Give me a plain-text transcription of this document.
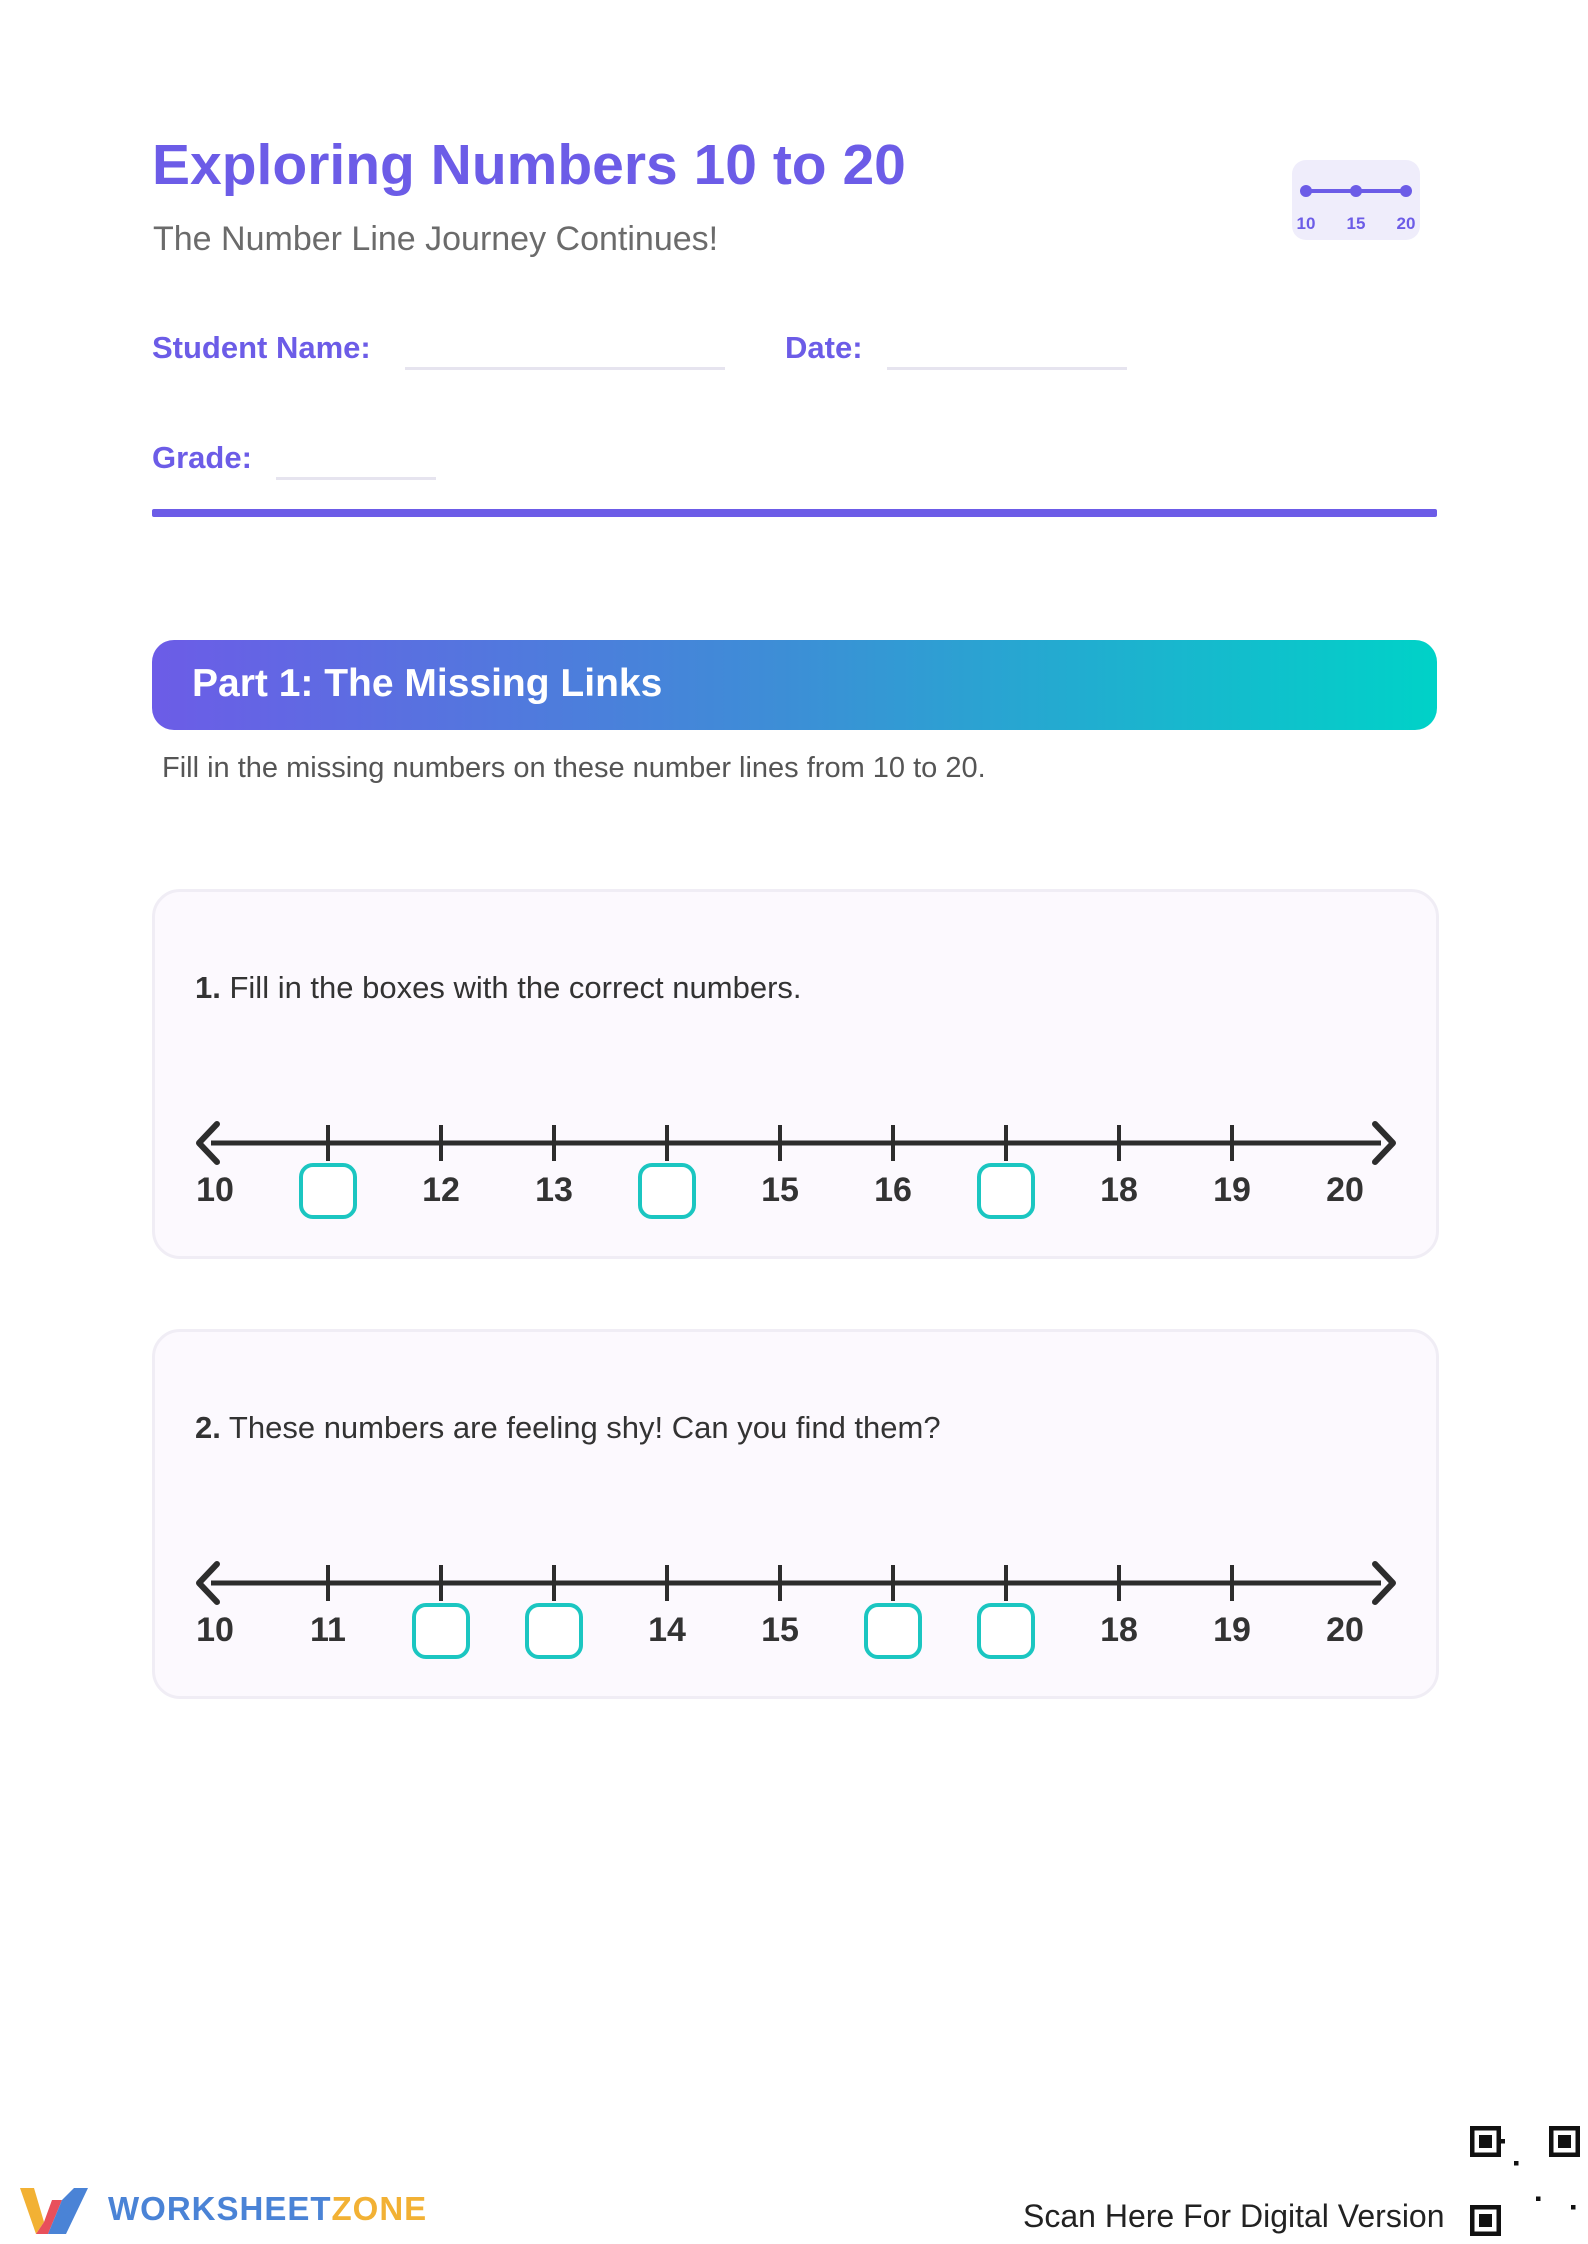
Exploring Numbers 10 to 20
The Number Line Journey Continues!	10	15	20
Student Name:	Date:
Grade:
Part 1: The Missing Links
Fill in the missing numbers on these number lines from 10 to 20.
1. Fill in the boxes with the correct numbers.
10	12	13	15	16	18	19	20
2. These numbers are feeling shy! Can you find them?
10	11	14	15	18	19	20
WORKSHEETZONE	Scan Here For Digital Version
